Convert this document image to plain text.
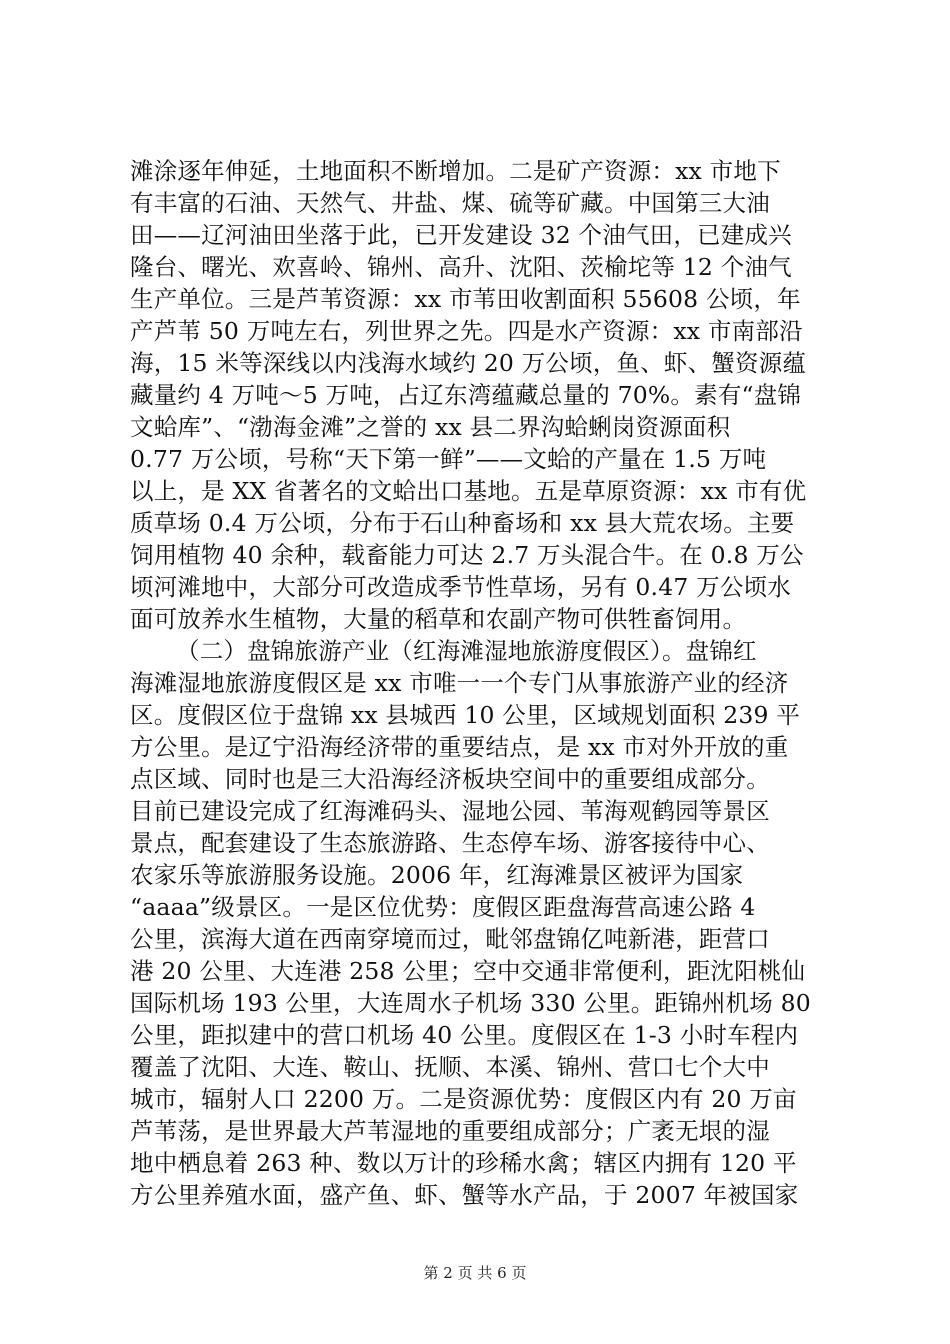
滩涂逐年伸延，土地面积不断增加。二是矿产资源：xx 市地下
有丰富的石油、天然气、井盐、煤、硫等矿藏。中国第三大油
田——辽河油田坐落于此，已开发建设 32 个油气田，已建成兴
隆台、曙光、欢喜岭、锦州、高升、沈阳、茨榆坨等 12 个油气
生产单位。三是芦苇资源：xx 市苇田收割面积 55608 公顷，年
产芦苇 50 万吨左右，列世界之先。四是水产资源：xx 市南部沿
海，15 米等深线以内浅海水域约 20 万公顷，鱼、虾、蟹资源蕴
藏量约 4 万吨～5 万吨，占辽东湾蕴藏总量的 70%。素有“盘锦
文蛤库”、“渤海金滩”之誉的 xx 县二界沟蛤蜊岗资源面积
0.77 万公顷，号称“天下第一鲜”——文蛤的产量在 1.5 万吨
以上，是 XX 省著名的文蛤出口基地。五是草原资源：xx 市有优
质草场 0.4 万公顷，分布于石山种畜场和 xx 县大荒农场。主要
饲用植物 40 余种，载畜能力可达 2.7 万头混合牛。在 0.8 万公
顷河滩地中，大部分可改造成季节性草场，另有 0.47 万公顷水
面可放养水生植物，大量的稻草和农副产物可供牲畜饲用。
（二）盘锦旅游产业（红海滩湿地旅游度假区）。盘锦红
海滩湿地旅游度假区是 xx 市唯一一个专门从事旅游产业的经济
区。度假区位于盘锦 xx 县城西 10 公里，区域规划面积 239 平
方公里。是辽宁沿海经济带的重要结点，是 xx 市对外开放的重
点区域、同时也是三大沿海经济板块空间中的重要组成部分。
目前已建设完成了红海滩码头、湿地公园、苇海观鹤园等景区
景点，配套建设了生态旅游路、生态停车场、游客接待中心、
农家乐等旅游服务设施。2006 年，红海滩景区被评为国家
“aaaa”级景区。一是区位优势：度假区距盘海营高速公路 4
公里，滨海大道在西南穿境而过，毗邻盘锦亿吨新港，距营口
港 20 公里、大连港 258 公里；空中交通非常便利，距沈阳桃仙
国际机场 193 公里，大连周水子机场 330 公里。距锦州机场 80
公里，距拟建中的营口机场 40 公里。度假区在 1-3 小时车程内
覆盖了沈阳、大连、鞍山、抚顺、本溪、锦州、营口七个大中
城市，辐射人口 2200 万。二是资源优势：度假区内有 20 万亩
芦苇荡，是世界最大芦苇湿地的重要组成部分；广袤无垠的湿
地中栖息着 263 种、数以万计的珍稀水禽；辖区内拥有 120 平
方公里养殖水面，盛产鱼、虾、蟹等水产品，于 2007 年被国家
第 2 页 共 6 页
